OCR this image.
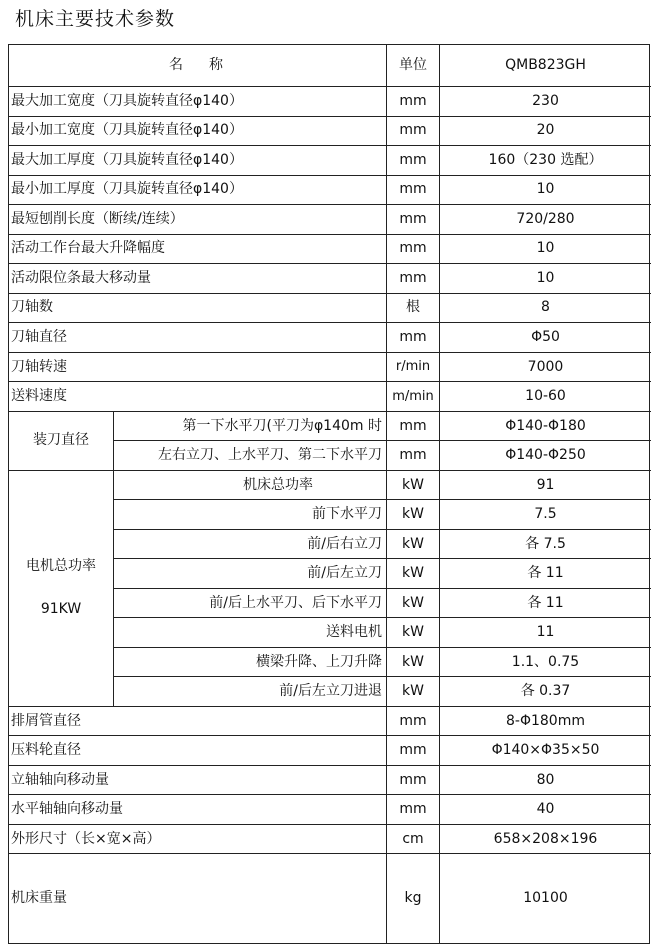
机床主要技术参数
名称	单位	QMB823GH
最大加工宽度（刀具旋转直径φ140）	mm	230
最小加工宽度（刀具旋转直径φ140）	mm	20
最大加工厚度（刀具旋转直径φ140）	mm	160（230 选配）
最小加工厚度（刀具旋转直径φ140）	mm	10
最短刨削长度（断续/连续）	mm	720/280
活动工作台最大升降幅度	mm	10
活动限位条最大移动量	mm	10
刀轴数	根	8
刀轴直径	mm	Φ50
刀轴转速	r/min	7000
送料速度	m/min	10-60
装刀直径
第一下水平刀(平刀为φ140m 时	mm	Φ140-Φ180
左右立刀、上水平刀、第二下水平刀	mm	Φ140-Φ250
电机总功率
91KW
机床总功率	kW	91
前下水平刀	kW	7.5
前/后右立刀	kW	各 7.5
前/后左立刀	kW	各 11
前/后上水平刀、后下水平刀	kW	各 11
送料电机	kW	11
横梁升降、上刀升降	kW	1.1、0.75
前/后左立刀进退	kW	各 0.37
排屑管直径	mm	8-Φ180mm
压料轮直径	mm	Φ140×Φ35×50
立轴轴向移动量	mm	80
水平轴轴向移动量	mm	40
外形尺寸（长×宽×高）	cm	658×208×196
机床重量	kg	10100
